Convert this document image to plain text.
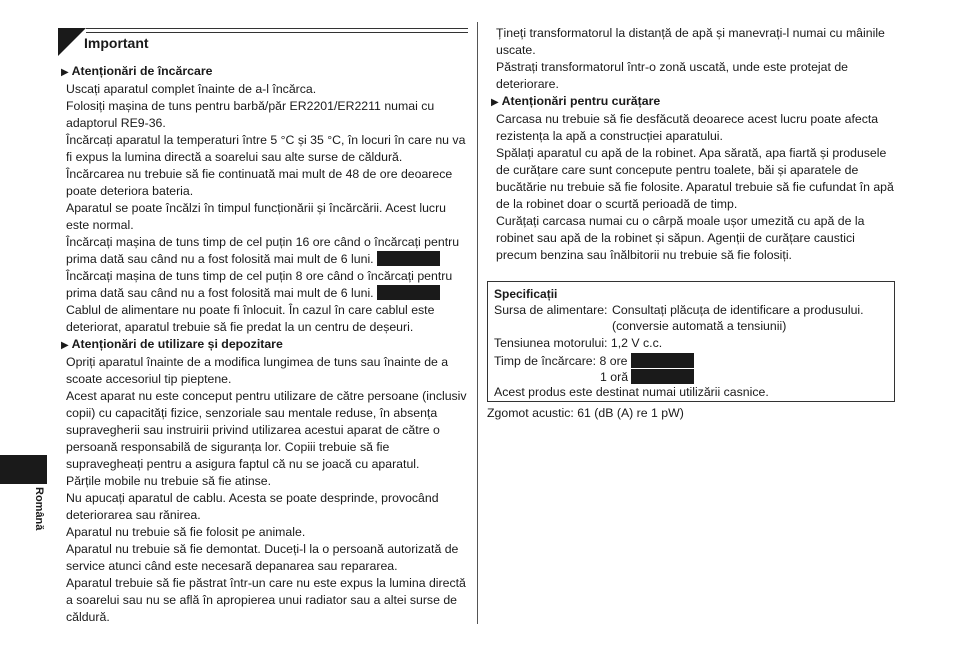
Important
▶ Atenționări de încărcare
Uscați aparatul complet înainte de a-l încărca.
Folosiți mașina de tuns pentru barbă/păr ER2201/ER2211 numai cu adaptorul RE9-36.
Încărcați aparatul la temperaturi între 5 °C și 35 °C, în locuri în care nu va fi expus la lumina directă a soarelui sau alte surse de căldură.
Încărcarea nu trebuie să fie continuată mai mult de 48 de ore deoarece poate deteriora bateria.
Aparatul se poate încălzi în timpul funcționării și încărcării. Acest lucru este normal.
Încărcați mașina de tuns timp de cel puțin 16 ore când o încărcați pentru prima dată sau când nu a fost folosită mai mult de 6 luni.
Încărcați mașina de tuns timp de cel puțin 8 ore când o încărcați pentru prima dată sau când nu a fost folosită mai mult de 6 luni.
Cablul de alimentare nu poate fi înlocuit. În cazul în care cablul este deteriorat, aparatul trebuie să fie predat la un centru de deșeuri.
▶ Atenționări de utilizare și depozitare
Opriți aparatul înainte de a modifica lungimea de tuns sau înainte de a scoate accesoriul tip pieptene.
Acest aparat nu este conceput pentru utilizare de către persoane (inclusiv copii) cu capacități fizice, senzoriale sau mentale reduse, în absența supravegherii sau instruirii privind utilizarea acestui aparat de către o persoană responsabilă de siguranța lor. Copiii trebuie să fie supravegheați pentru a asigura faptul că nu se joacă cu aparatul.
Părțile mobile nu trebuie să fie atinse.
Nu apucați aparatul de cablu. Acesta se poate desprinde, provocând deteriorarea sau rănirea.
Aparatul nu trebuie să fie folosit pe animale.
Aparatul nu trebuie să fie demontat. Duceți-l la o persoană autorizată de service atunci când este necesară depanarea sau repararea.
Aparatul trebuie să fie păstrat într-un care nu este expus la lumina directă a soarelui sau nu se află în apropierea unui radiator sau a altei surse de căldură.
Țineți transformatorul la distanță de apă și manevrați-l numai cu mâinile uscate.
Păstrați transformatorul într-o zonă uscată, unde este protejat de deteriorare.
▶ Atenționări pentru curățare
Carcasa nu trebuie să fie desfăcută deoarece acest lucru poate afecta rezistența la apă a construcției aparatului.
Spălați aparatul cu apă de la robinet. Apa sărată, apa fiartă și produsele de curățare care sunt concepute pentru toalete, băi și aparatele de bucătărie nu trebuie să fie folosite. Aparatul trebuie să fie cufundat în apă de la robinet doar o scurtă perioadă de timp.
Curățați carcasa numai cu o cârpă moale ușor umezită cu apă de la robinet sau apă de la robinet și săpun. Agenții de curățare caustici precum benzina sau înălbitorii nu trebuie să fie folosiți.
Specificații
Sursa de alimentare: Consultați plăcuța de identificare a produsului.
(conversie automată a tensiunii)
Tensiunea motorului: 1,2 V c.c.
Timp de încărcare: 8 ore
1 oră
Acest produs este destinat numai utilizării casnice.
Zgomot acustic: 61 (dB (A) re 1 pW)
Română
